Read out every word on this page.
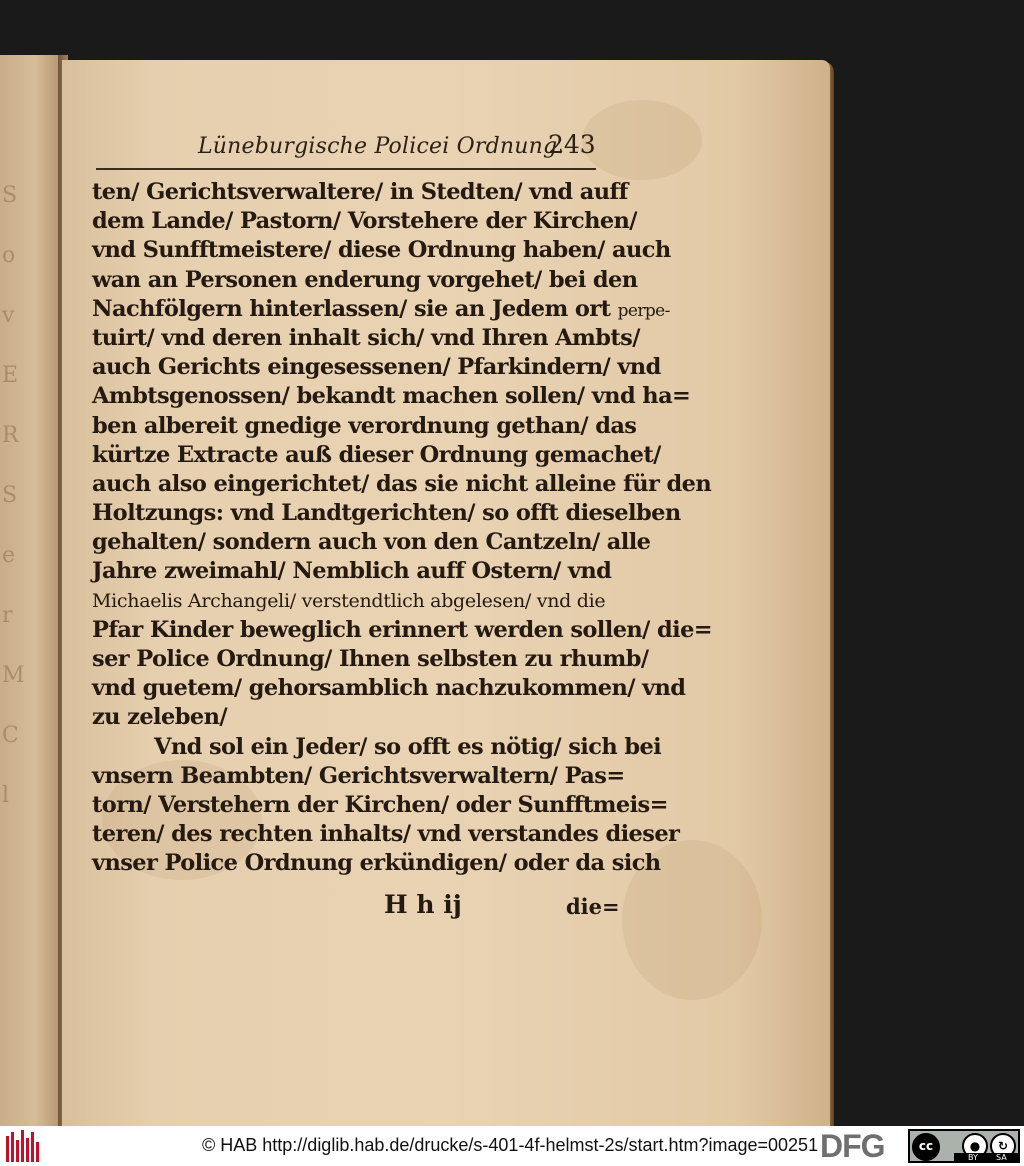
S
o
v
E
R
S
e
r
M
C
l
Lüneburgische Policei Ordnung.
243
ten/ Gerichtsverwaltere/ in Stedten/ vnd auff
dem Lande/ Pastorn/ Vorstehere der Kirchen/
vnd Sunfftmeistere/ diese Ordnung haben/ auch
wan an Personen enderung vorgehet/ bei den
Nachfölgern hinterlassen/ sie an Jedem ort perpe-
tuirt/ vnd deren inhalt sich/ vnd Ihren Ambts/
auch Gerichts eingesessenen/ Pfarkindern/ vnd
Ambtsgenossen/ bekandt machen sollen/ vnd ha=
ben albereit gnedige verordnung gethan/ das
kürtze Extracte auß dieser Ordnung gemachet/
auch also eingerichtet/ das sie nicht alleine für den
Holtzungs: vnd Landtgerichten/ so offt dieselben
gehalten/ sondern auch von den Cantzeln/ alle
Jahre zweimahl/ Nemblich auff Ostern/ vnd
Michaelis Archangeli/ verstendtlich abgelesen/ vnd die
Pfar Kinder beweglich erinnert werden sollen/ die=
ser Police Ordnung/ Ihnen selbsten zu rhumb/
vnd guetem/ gehorsamblich nachzukommen/ vnd
zu zeleben/
Vnd sol ein Jeder/ so offt es nötig/ sich bei
vnsern Beambten/ Gerichtsverwaltern/ Pas=
torn/ Verstehern der Kirchen/ oder Sunfftmeis=
teren/ des rechten inhalts/ vnd verstandes dieser
vnser Police Ordnung erkündigen/ oder da sich
H h ij	die=
© HAB http://diglib.hab.de/drucke/s-401-4f-helmst-2s/start.htm?image=00251 DFG	cc	●	↻
BY SA
